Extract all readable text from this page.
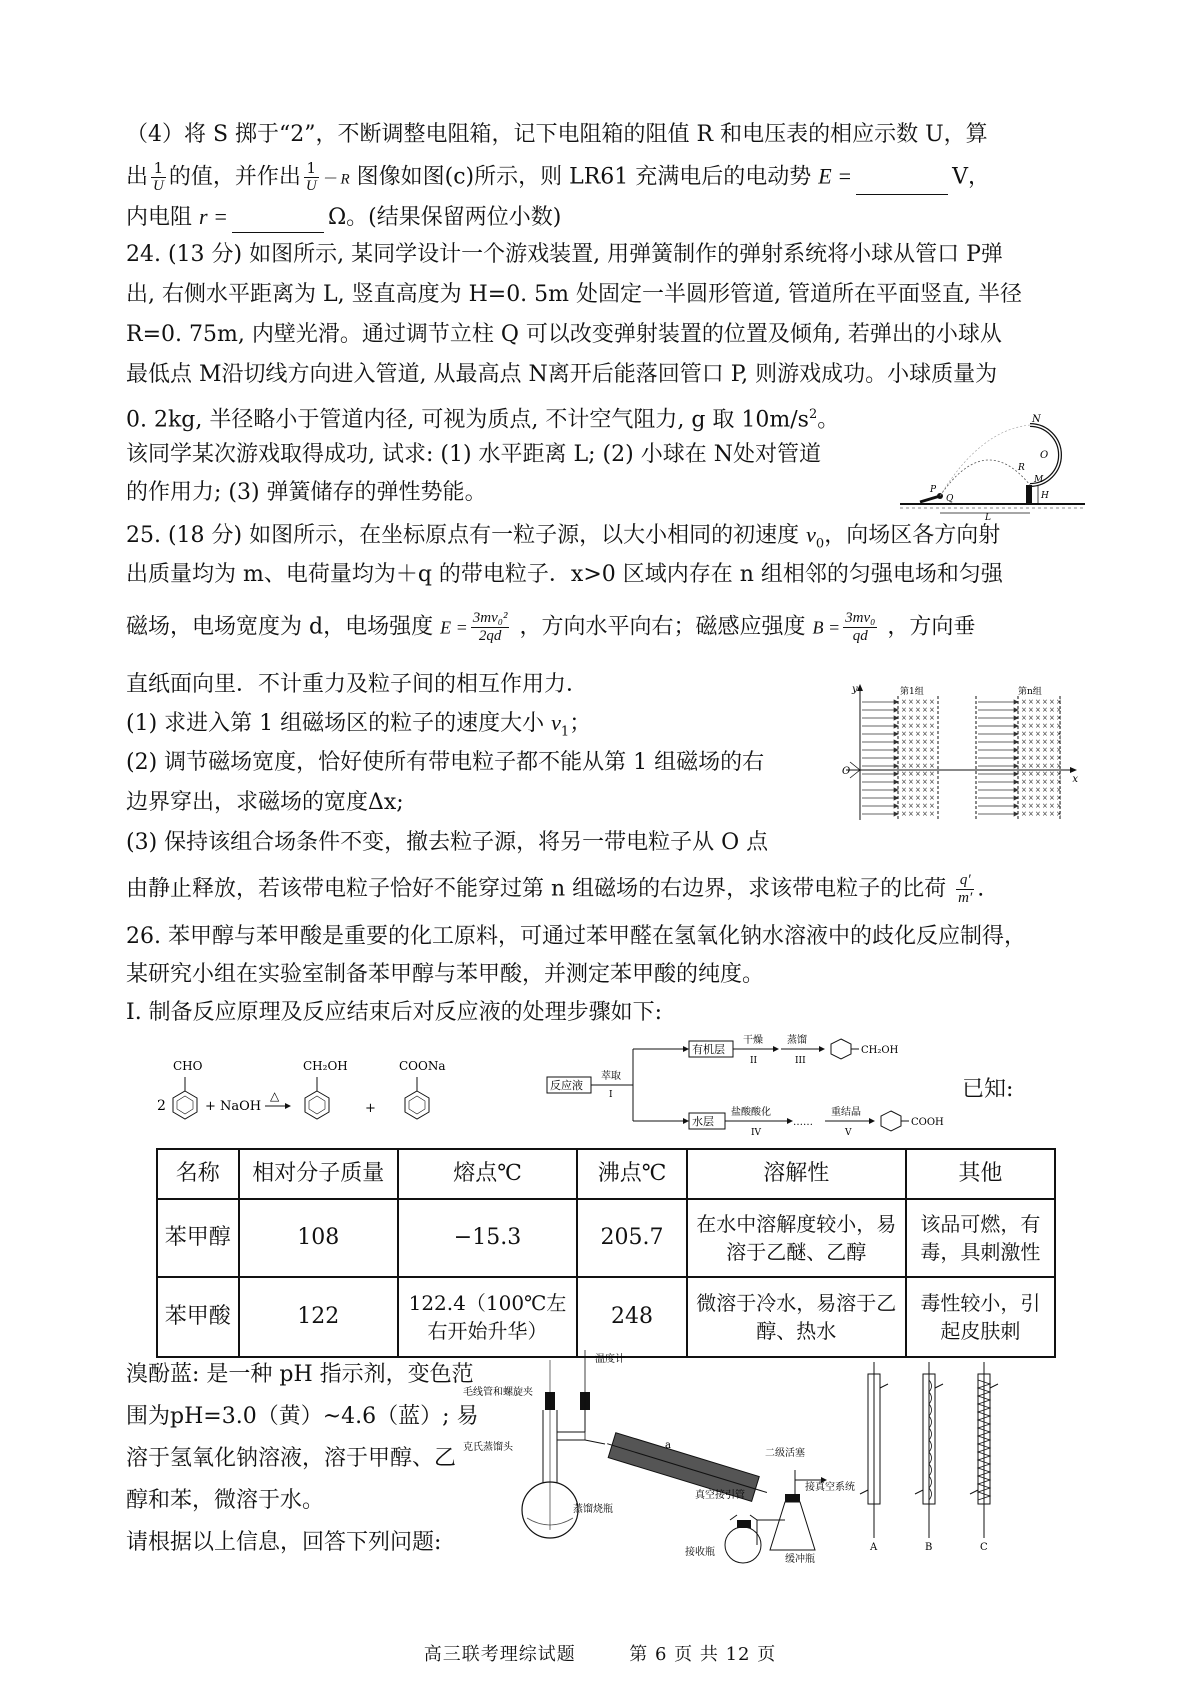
（4）将 S 掷于“2”，不断调整电阻箱，记下电阻箱的阻值 R 和电压表的相应示数 U，算
出 $\frac{1}{U}$ 的值，并作出 $\frac{1}{U} - R$ 图像如图(c)所示，则 LR61 充满电后的电动势 E =	V，
内电阻 r =	Ω。(结果保留两位小数)
24. (13 分) 如图所示, 某同学设计一个游戏装置, 用弹簧制作的弹射系统将小球从管口 P弹
出, 右侧水平距离为 L, 竖直高度为 H=0. 5m 处固定一半圆形管道, 管道所在平面竖直, 半径
R=0. 75m, 内壁光滑。通过调节立柱 Q 可以改变弹射装置的位置及倾角, 若弹出的小球从
最低点 M沿切线方向进入管道, 从最高点 N离开后能落回管口 P, 则游戏成功。小球质量为
0. 2kg, 半径略小于管道内径, 可视为质点, 不计空气阻力, g 取 $10m/s^2$。
该同学某次游戏取得成功, 试求: (1) 水平距离 L; (2) 小球在 N处对管道
的作用力; (3) 弹簧储存的弹性势能。
N
O
R
M
H
P
Q
L
25. (18 分) 如图所示，在坐标原点有一粒子源，以大小相同的初速度 $v_0$，向场区各方向射
出质量均为 m、电荷量均为＋q 的带电粒子．x>0 区域内存在 n 组相邻的匀强电场和匀强
磁场，电场宽度为 d，电场强度 $E = \frac{\text{3mv₀²}}{2qd}$ ，方向水平向右；磁感应强度 $B = \frac{\text{3mv₀}}{qd}$ ，方向垂
直纸面向里．不计重力及粒子间的相互作用力．
(1) 求进入第 1 组磁场区的粒子的速度大小 $v_1$；
(2) 调节磁场宽度，恰好使所有带电粒子都不能从第 1 组磁场的右
边界穿出，求磁场的宽度Δx;
(3) 保持该组合场条件不变，撤去粒子源，将另一带电粒子从 O 点
由静止释放，若该带电粒子恰好不能穿过第 n 组磁场的右边界，求该带电粒子的比荷 $\frac{q'}{m'}$ .
× × × × ×
× × × × ×
× × × × ×
× × × × ×
× × × × ×
× × × × ×
× × × × ×
× × × × ×
× × × × ×
× × × × ×
× × × × ×
× × × × ×
× × × × ×
× × × × ×
× × × × ×
× × × × × ×
× × × × × ×
× × × × × ×
× × × × × ×
× × × × × ×
× × × × × ×
× × × × × ×
× × × × × ×
× × × × × ×
× × × × × ×
× × × × × ×
× × × × × ×
× × × × × ×
× × × × × ×
× × × × × ×
y
x
O
第1组	第n组
26. 苯甲醇与苯甲酸是重要的化工原料，可通过苯甲醛在氢氧化钠水溶液中的歧化反应制得，
某研究小组在实验室制备苯甲醇与苯甲酸，并测定苯甲酸的纯度。
Ⅰ. 制备反应原理及反应结束后对反应液的处理步骤如下:
2
CHO
+ NaOH
△
CH₂OH
+
COONa
反应液
萃取
I
有机层
干燥
II
蒸馏
III
CH₂OH
水层
盐酸酸化
IV
……
重结晶
V
COOH
已知:
名称	相对分子质量	熔点℃	沸点℃	溶解性	其他
苯甲醇	108	−15.3	205.7	在水中溶解度较小，易溶于乙醚、乙醇	该品可燃，有毒，具刺激性
苯甲酸	122	122.4（100℃左右开始升华）	248	微溶于冷水，易溶于乙醇、热水	毒性较小，引起皮肤刺
溴酚蓝: 是一种 pH 指示剂，变色范
围为pH=3.0（黄）~4.6（蓝）; 易
溶于氢氧化钠溶液，溶于甲醇、乙
醇和苯，微溶于水。
请根据以上信息，回答下列问题:
毛线管和螺旋夹
温度计
克氏蒸馏头	a
蒸馏烧瓶
真空接引管
接收瓶
二级活塞
接真空系统
缓冲瓶
A	B	C
高三联考理综试题	第 6 页 共 12 页
